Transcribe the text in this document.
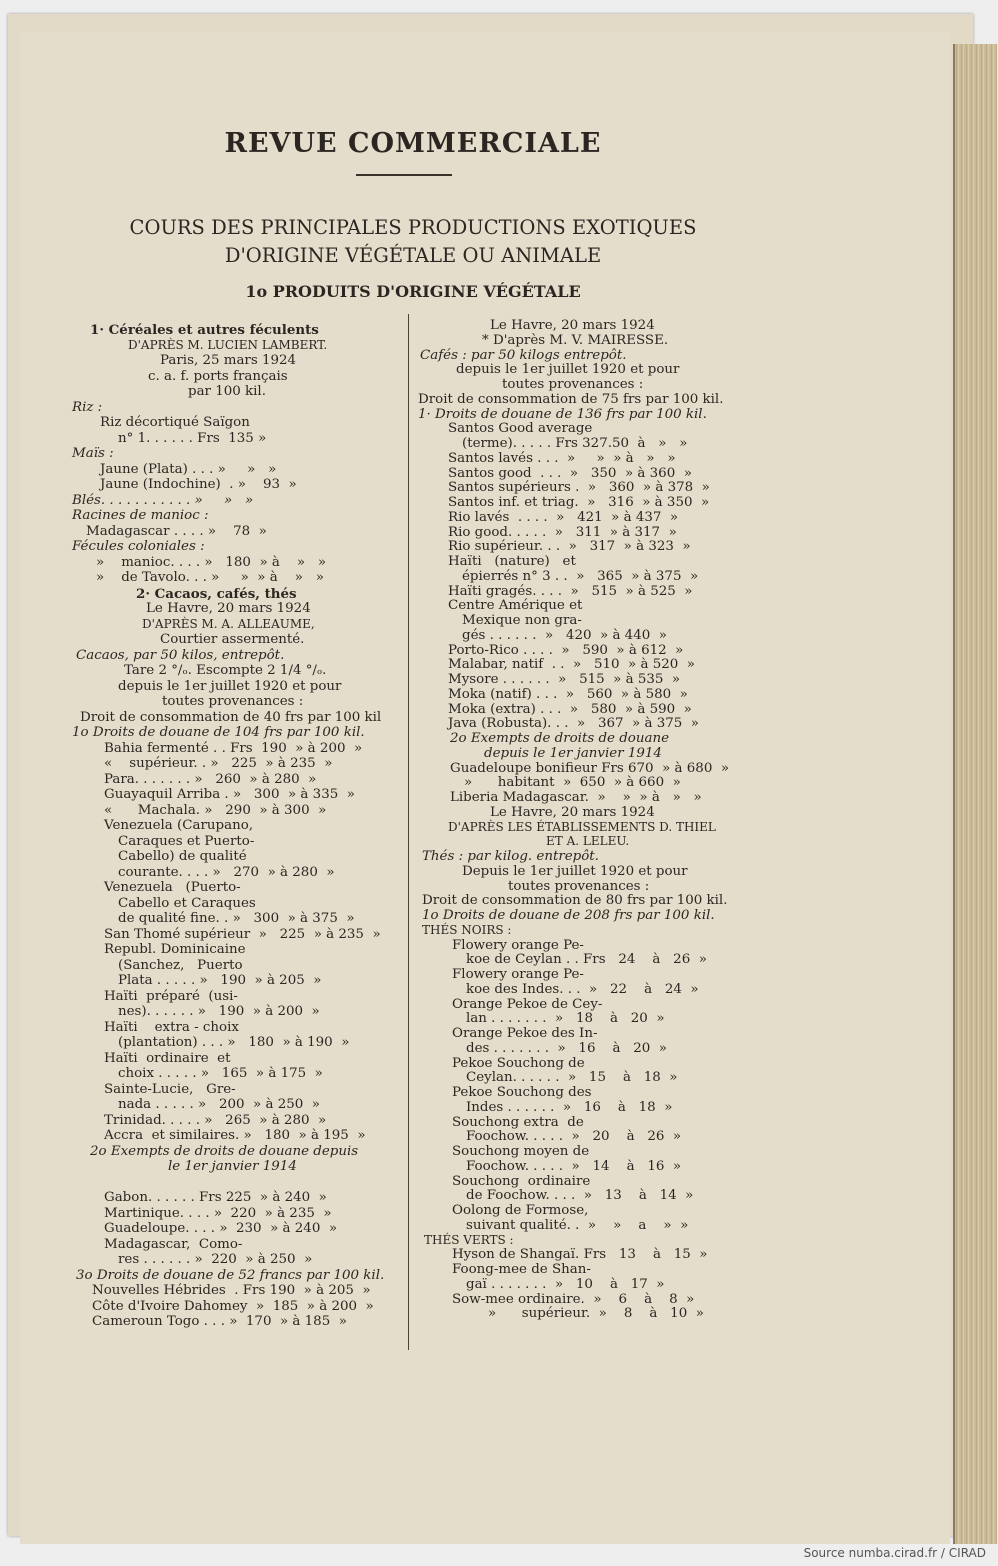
REVUE COMMERCIALE
COURS DES PRINCIPALES PRODUCTIONS EXOTIQUES
D'ORIGINE VÉGÉTALE OU ANIMALE
1o PRODUITS D'ORIGINE VÉGÉTALE
1· Céréales et autres féculents
D'APRÈS M. LUCIEN LAMBERT.
Paris, 25 mars 1924
c. a. f. ports français
par 100 kil.
Riz :
Riz décortiqué Saïgon
n° 1. . . . . . Frs  135 »
Maïs :
Jaune (Plata) . . . »     »   »
Jaune (Indochine)  . »    93  »
Blés. . . . . . . . . . . »     »   »
Racines de manioc :
Madagascar . . . . »    78  »
Fécules coloniales :
»    manioc. . . . »   180  » à    »   »
»    de Tavolo. . . »     »  » à    »   »
2· Cacaos, cafés, thés
Le Havre, 20 mars 1924
D'APRÈS M. A. ALLEAUME,
Courtier assermenté.
Cacaos, par 50 kilos, entrepôt.
Tare 2 °/ₒ. Escompte 2 1/4 °/ₒ.
depuis le 1er juillet 1920 et pour
toutes provenances :
Droit de consommation de 40 frs par 100 kil
1o Droits de douane de 104 frs par 100 kil.
Bahia fermenté . . Frs  190  » à 200  »
«    supérieur. . »   225  » à 235  »
Para. . . . . . . »   260  » à 280  »
Guayaquil Arriba . »   300  » à 335  »
«      Machala. »   290  » à 300  »
Venezuela (Carupano,
Caraques et Puerto-
Cabello) de qualité
courante. . . . »   270  » à 280  »
Venezuela   (Puerto-
Cabello et Caraques
de qualité fine. . »   300  » à 375  »
San Thomé supérieur  »   225  » à 235  »
Republ. Dominicaine
(Sanchez,   Puerto
Plata . . . . . »   190  » à 205  »
Haïti  préparé  (usi-
nes). . . . . . »   190  » à 200  »
Haïti    extra - choix
(plantation) . . . »   180  » à 190  »
Haïti  ordinaire  et
choix . . . . . »   165  » à 175  »
Sainte-Lucie,   Gre-
nada . . . . . »   200  » à 250  »
Trinidad. . . . . »   265  » à 280  »
Accra  et similaires. »   180  » à 195  »
2o Exempts de droits de douane depuis
le 1er janvier 1914
Gabon. . . . . . Frs 225  » à 240  »
Martinique. . . . »  220  » à 235  »
Guadeloupe. . . . »  230  » à 240  »
Madagascar,  Como-
res . . . . . . »  220  » à 250  »
3o Droits de douane de 52 francs par 100 kil.
Nouvelles Hébrides  . Frs 190  » à 205  »
Côte d'Ivoire Dahomey  »  185  » à 200  »
Cameroun Togo . . . »  170  » à 185  »
Le Havre, 20 mars 1924
* D'après M. V. MAIRESSE.
Cafés : par 50 kilogs entrepôt.
depuis le 1er juillet 1920 et pour
toutes provenances :
Droit de consommation de 75 frs par 100 kil.
1· Droits de douane de 136 frs par 100 kil.
Santos Good average
(terme). . . . . Frs 327.50  à   »   »
Santos lavés . . .  »     »  » à   »   »
Santos good  . . .  »   350  » à 360  »
Santos supérieurs .  »   360  » à 378  »
Santos inf. et triag.  »   316  » à 350  »
Rio lavés  . . . .  »   421  » à 437  »
Rio good. . . . .  »   311  » à 317  »
Rio supérieur. . .  »   317  » à 323  »
Haïti   (nature)   et
épierrés n° 3 . .  »   365  » à 375  »
Haïti gragés. . . .  »   515  » à 525  »
Centre Amérique et
Mexique non gra-
gés . . . . . .  »   420  » à 440  »
Porto-Rico . . . .  »   590  » à 612  »
Malabar, natif  . .  »   510  » à 520  »
Mysore . . . . . .  »   515  » à 535  »
Moka (natif) . . .  »   560  » à 580  »
Moka (extra) . . .  »   580  » à 590  »
Java (Robusta). . .  »   367  » à 375  »
2o Exempts de droits de douane
depuis le 1er janvier 1914
Guadeloupe bonifieur Frs 670  » à 680  »
»      habitant  »  650  » à 660  »
Liberia Madagascar.  »    »  » à   »   »
Le Havre, 20 mars 1924
D'APRÈS LES ÉTABLISSEMENTS D. THIEL
ET A. LELEU.
Thés : par kilog. entrepôt.
Depuis le 1er juillet 1920 et pour
toutes provenances :
Droit de consommation de 80 frs par 100 kil.
1o Droits de douane de 208 frs par 100 kil.
THÉS NOIRS :
Flowery orange Pe-
koe de Ceylan . . Frs   24    à   26  »
Flowery orange Pe-
koe des Indes. . .  »   22    à   24  »
Orange Pekoe de Cey-
lan . . . . . . .  »   18    à   20  »
Orange Pekoe des In-
des . . . . . . .  »   16    à   20  »
Pekoe Souchong de
Ceylan. . . . . .  »   15    à   18  »
Pekoe Souchong des
Indes . . . . . .  »   16    à   18  »
Souchong extra  de
Foochow. . . . .  »   20    à   26  »
Souchong moyen de
Foochow. . . . .  »   14    à   16  »
Souchong  ordinaire
de Foochow. . . .  »   13    à   14  »
Oolong de Formose,
suivant qualité. .  »    »    a    »  »
THÉS VERTS :
Hyson de Shangaï. Frs   13    à   15  »
Foong-mee de Shan-
gaï . . . . . . .  »   10    à   17  »
Sow-mee ordinaire.  »    6    à    8  »
»      supérieur.  »    8    à   10  »
Source numba.cirad.fr / CIRAD
